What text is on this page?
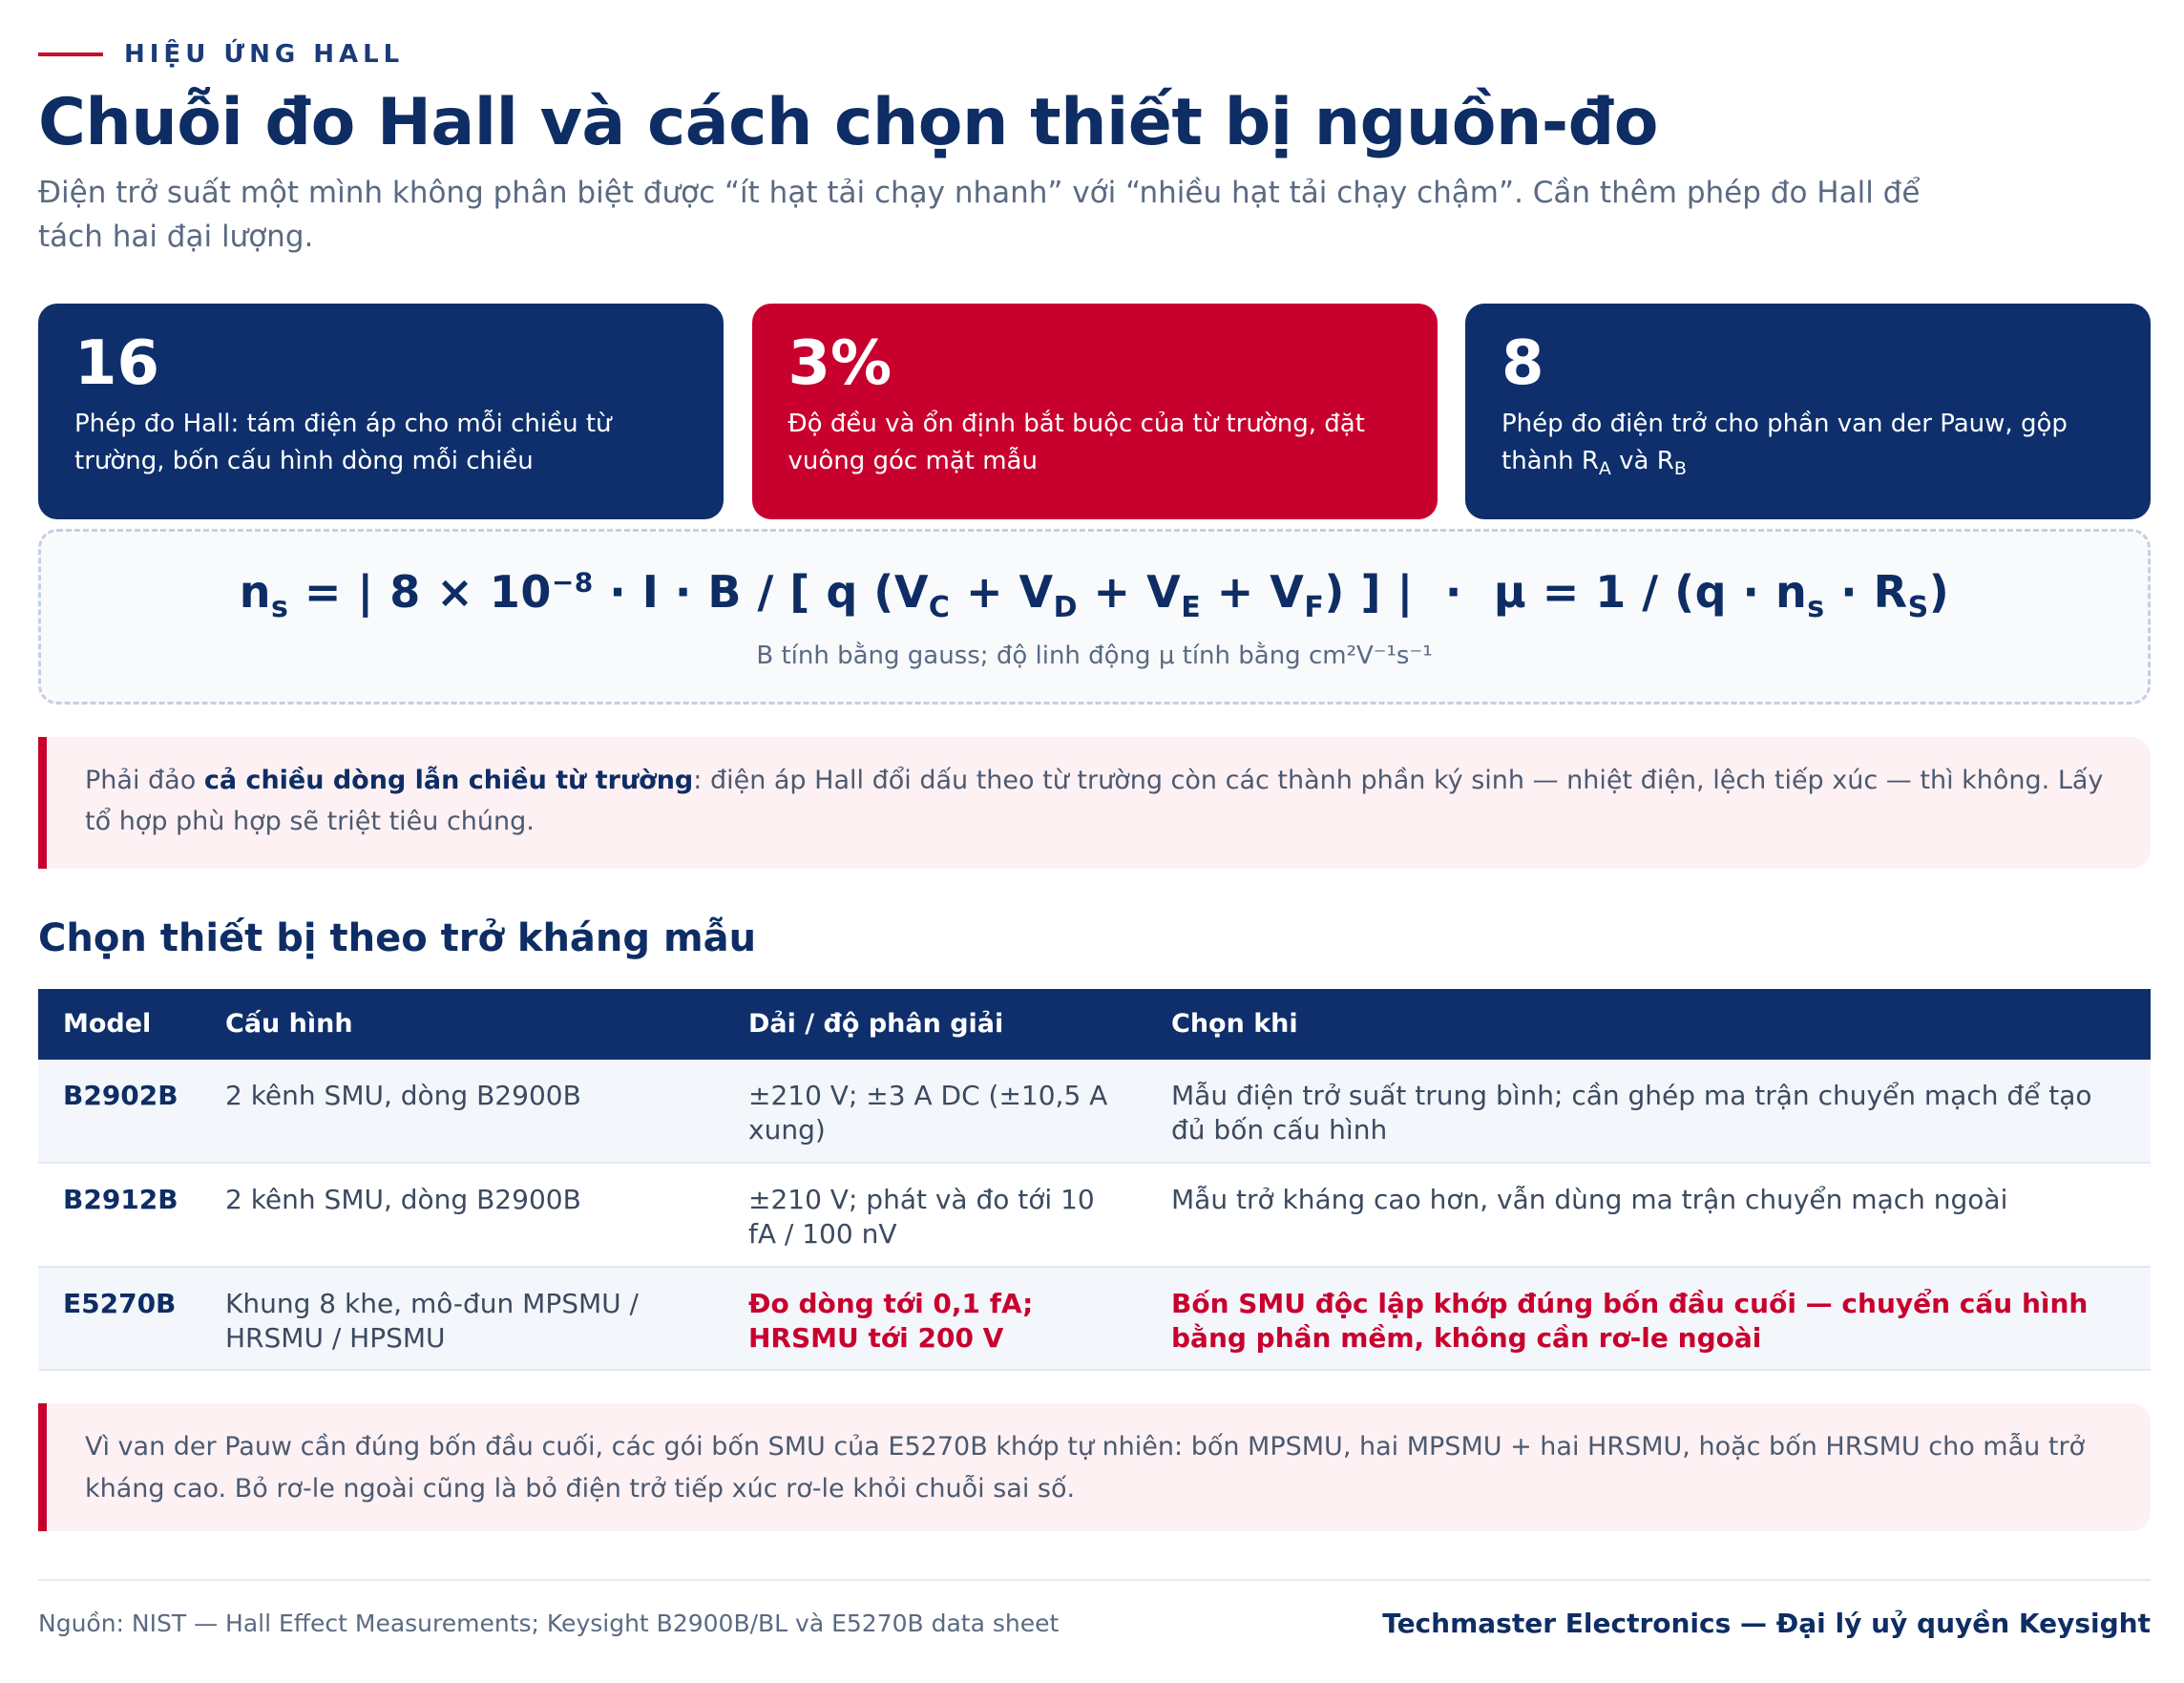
HIỆU ỨNG HALL
Chuỗi đo Hall và cách chọn thiết bị nguồn-đo

Điện trở suất một mình không phân biệt được “ít hạt tải chạy nhanh” với “nhiều hạt tải chạy chậm”. Cần thêm phép đo Hall để tách hai đại lượng.

16
Phép đo Hall: tám điện áp cho mỗi chiều từ trường, bốn cấu hình dòng mỗi chiều
3%
Độ đều và ổn định bắt buộc của từ trường, đặt vuông góc mặt mẫu
8
Phép đo điện trở cho phần van der Pauw, gộp thành $R_A$ và $R_B$
$n_s$ = | $8 \times 10^{-8} \cdot I \cdot B$ / [ q $(V_C + V_D + V_E + V_F)$ ] |  ·  $\mu = 1 / (q \cdot n_s \cdot R_S)$
B tính bằng gauss; độ linh động μ tính bằng cm²V⁻¹s⁻¹
Phải đảo cả chiều dòng lẫn chiều từ trường: điện áp Hall đổi dấu theo từ trường còn các thành phần ký sinh — nhiệt điện, lệch tiếp xúc — thì không. Lấy tổ hợp phù hợp sẽ triệt tiêu chúng.
Chọn thiết bị theo trở kháng mẫu
Model	Cấu hình	Dải / độ phân giải	Chọn khi
B2902B	2 kênh SMU, dòng B2900B	±210 V; ±3 A DC (±10,5 A xung)	Mẫu điện trở suất trung bình; cần ghép ma trận chuyển mạch để tạo đủ bốn cấu hình
B2912B	2 kênh SMU, dòng B2900B	±210 V; phát và đo tới 10 fA / 100 nV	Mẫu trở kháng cao hơn, vẫn dùng ma trận chuyển mạch ngoài
E5270B	Khung 8 khe, mô-đun MPSMU / HRSMU / HPSMU	Đo dòng tới 0,1 fA; HRSMU tới 200 V	Bốn SMU độc lập khớp đúng bốn đầu cuối — chuyển cấu hình bằng phần mềm, không cần rơ-le ngoài
Vì van der Pauw cần đúng bốn đầu cuối, các gói bốn SMU của E5270B khớp tự nhiên: bốn MPSMU, hai MPSMU + hai HRSMU, hoặc bốn HRSMU cho mẫu trở kháng cao. Bỏ rơ-le ngoài cũng là bỏ điện trở tiếp xúc rơ-le khỏi chuỗi sai số.
Nguồn: NIST — Hall Effect Measurements; Keysight B2900B/BL và E5270B data sheet	Techmaster Electronics — Đại lý uỷ quyền Keysight
